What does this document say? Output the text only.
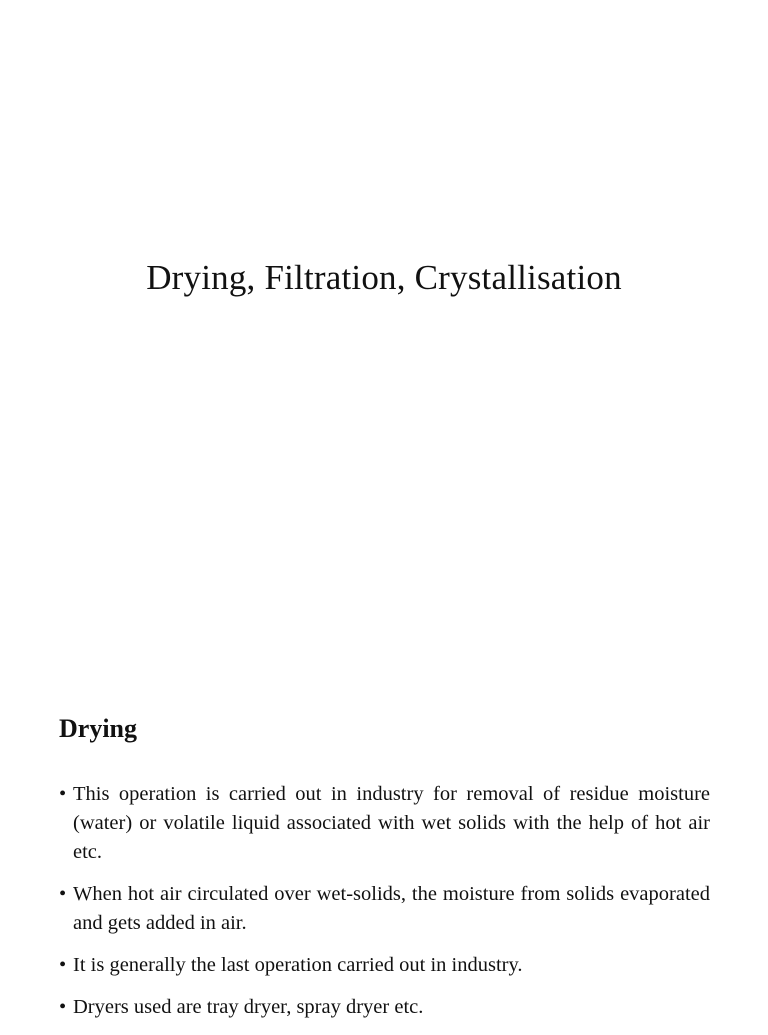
Drying, Filtration, Crystallisation
Drying
• This operation is carried out in industry for removal of residue moisture (water) or volatile liquid associated with wet solids with the help of hot air etc.
• When hot air circulated over wet-solids, the moisture from solids evaporated and gets added in air.
• It is generally the last operation carried out in industry.
• Dryers used are tray dryer, spray dryer etc.
